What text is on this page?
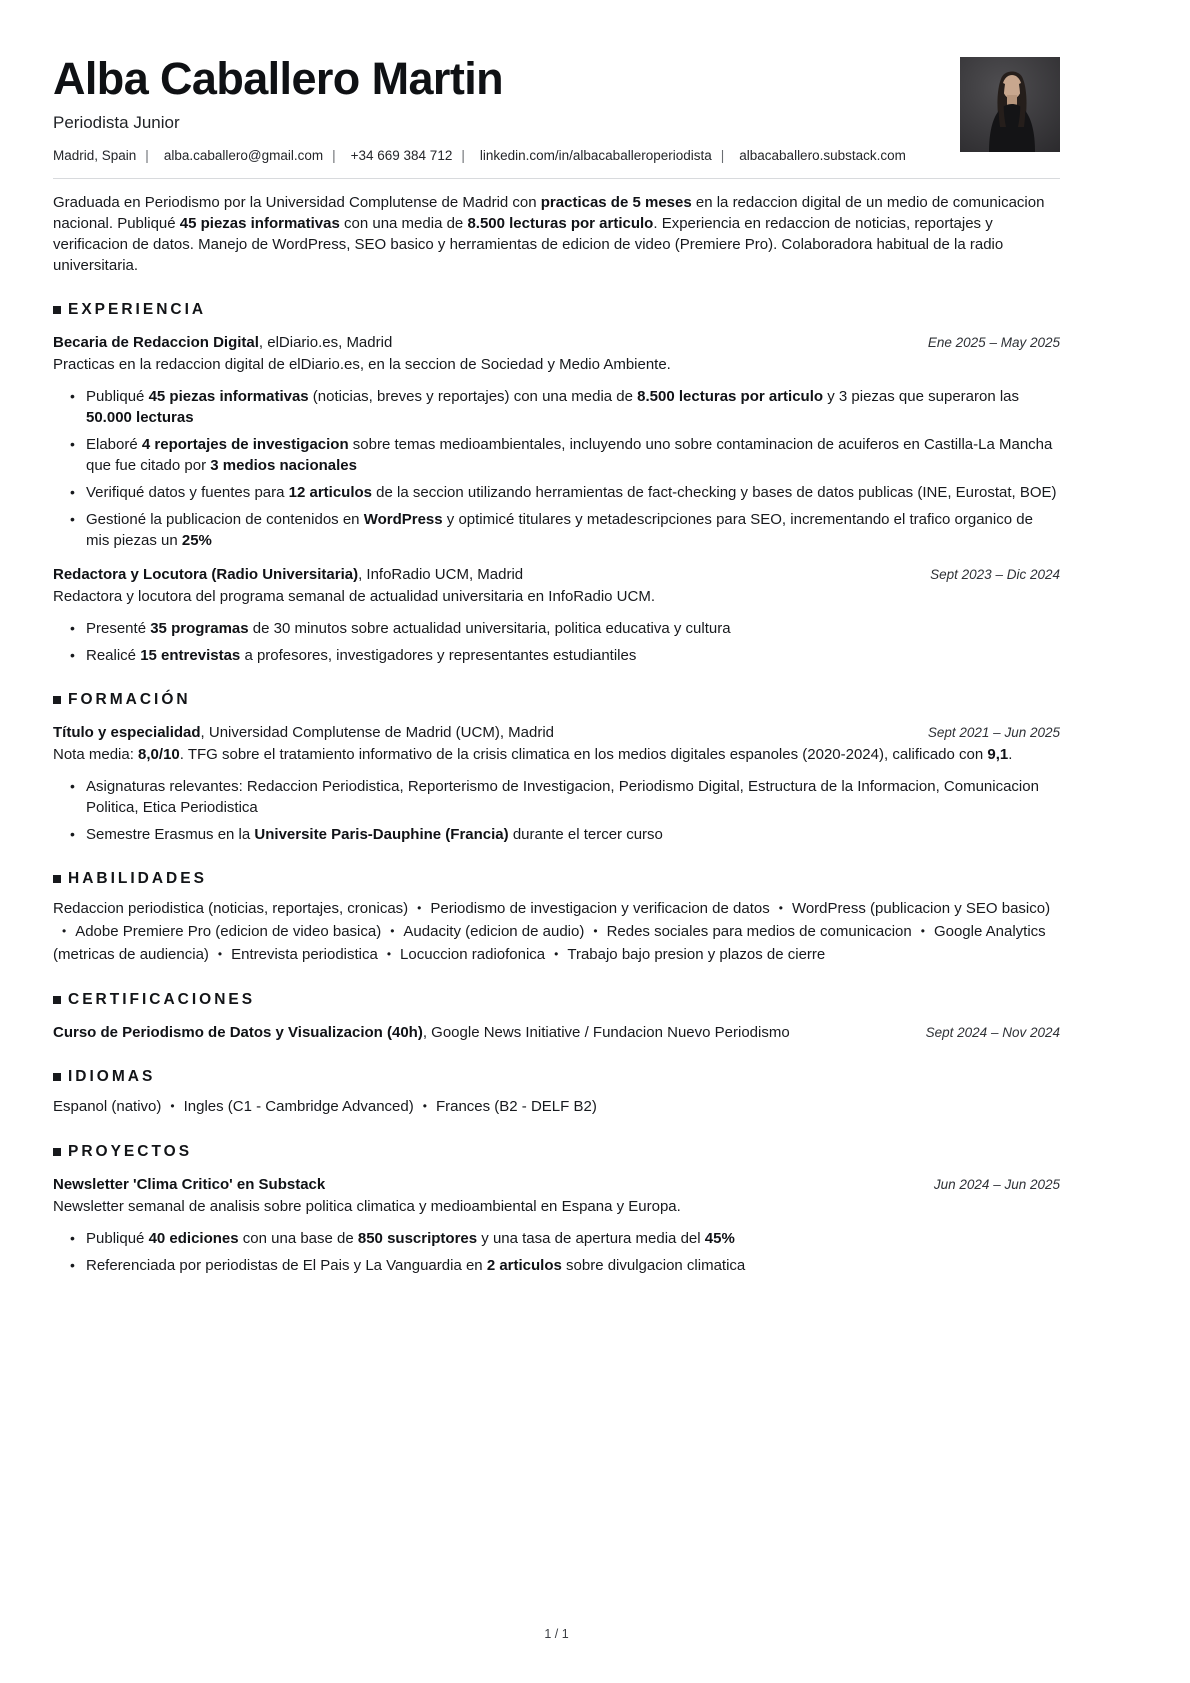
Alba Caballero Martin
Periodista Junior
Madrid, Spain | alba.caballero@gmail.com | +34 669 384 712 | linkedin.com/in/albacaballeroperiodista | albacaballero.substack.com

Graduada en Periodismo por la Universidad Complutense de Madrid con practicas de 5 meses en la redaccion digital de un medio de comunicacion nacional. Publiqué 45 piezas informativas con una media de 8.500 lecturas por articulo. Experiencia en redaccion de noticias, reportajes y verificacion de datos. Manejo de WordPress, SEO basico y herramientas de edicion de video (Premiere Pro). Colaboradora habitual de la radio universitaria.

EXPERIENCIA
Becaria de Redaccion Digital, elDiario.es, Madrid	Ene 2025 – May 2025
Practicas en la redaccion digital de elDiario.es, en la seccion de Sociedad y Medio Ambiente.
• Publiqué 45 piezas informativas (noticias, breves y reportajes) con una media de 8.500 lecturas por articulo y 3 piezas que superaron las 50.000 lecturas
• Elaboré 4 reportajes de investigacion sobre temas medioambientales, incluyendo uno sobre contaminacion de acuiferos en Castilla-La Mancha que fue citado por 3 medios nacionales
• Verifiqué datos y fuentes para 12 articulos de la seccion utilizando herramientas de fact-checking y bases de datos publicas (INE, Eurostat, BOE)
• Gestioné la publicacion de contenidos en WordPress y optimicé titulares y metadescripciones para SEO, incrementando el trafico organico de mis piezas un 25%
Redactora y Locutora (Radio Universitaria), InfoRadio UCM, Madrid	Sept 2023 – Dic 2024
Redactora y locutora del programa semanal de actualidad universitaria en InfoRadio UCM.
• Presenté 35 programas de 30 minutos sobre actualidad universitaria, politica educativa y cultura
• Realicé 15 entrevistas a profesores, investigadores y representantes estudiantiles
FORMACIÓN
Título y especialidad, Universidad Complutense de Madrid (UCM), Madrid	Sept 2021 – Jun 2025
Nota media: 8,0/10. TFG sobre el tratamiento informativo de la crisis climatica en los medios digitales espanoles (2020-2024), calificado con 9,1.
• Asignaturas relevantes: Redaccion Periodistica, Reporterismo de Investigacion, Periodismo Digital, Estructura de la Informacion, Comunicacion Politica, Etica Periodistica
• Semestre Erasmus en la Universite Paris-Dauphine (Francia) durante el tercer curso
HABILIDADES

Redaccion periodistica (noticias, reportajes, cronicas) • Periodismo de investigacion y verificacion de datos • WordPress (publicacion y SEO basico)• Adobe Premiere Pro (edicion de video basica) • Audacity (edicion de audio) • Redes sociales para medios de comunicacion • Google Analytics (metricas de audiencia) • Entrevista periodistica • Locuccion radiofonica • Trabajo bajo presion y plazos de cierre

CERTIFICACIONES
Curso de Periodismo de Datos y Visualizacion (40h), Google News Initiative / Fundacion Nuevo Periodismo	Sept 2024 – Nov 2024
IDIOMAS

Espanol (nativo) • Ingles (C1 - Cambridge Advanced) • Frances (B2 - DELF B2)

PROYECTOS
Newsletter 'Clima Critico' en Substack	Jun 2024 – Jun 2025
Newsletter semanal de analisis sobre politica climatica y medioambiental en Espana y Europa.
• Publiqué 40 ediciones con una base de 850 suscriptores y una tasa de apertura media del 45%
• Referenciada por periodistas de El Pais y La Vanguardia en 2 articulos sobre divulgacion climatica
1 / 1
